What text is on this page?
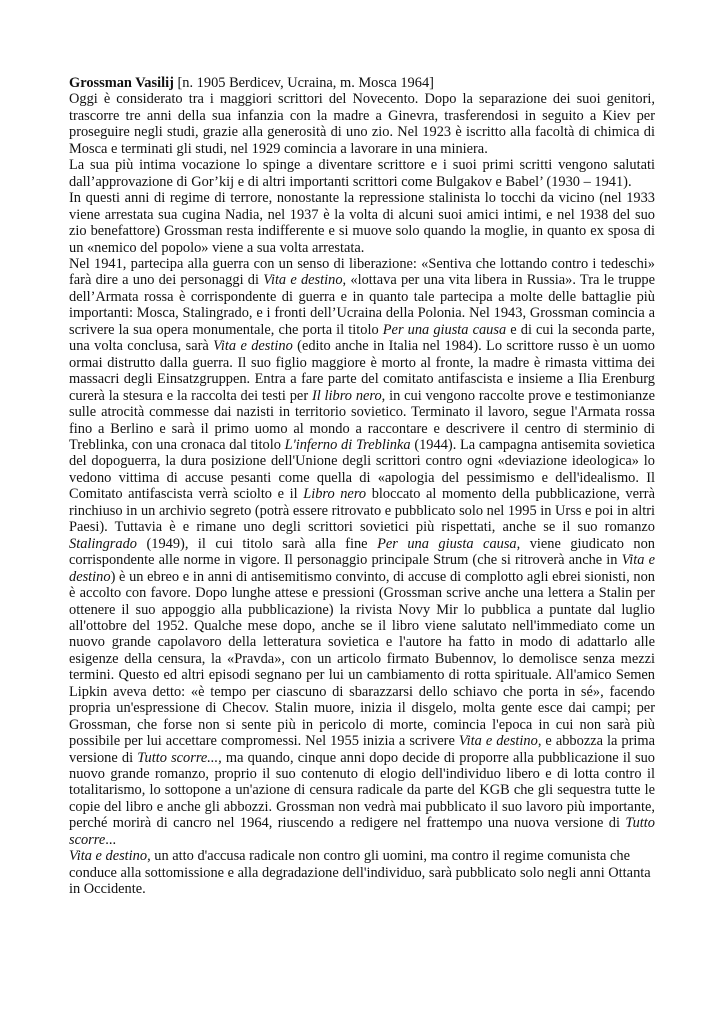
Grossman Vasilij [n. 1905 Berdicev, Ucraina, m. Mosca 1964]

Oggi è considerato tra i maggiori scrittori del Novecento. Dopo la separazione dei suoi genitori, trascorre tre anni della sua infanzia con la madre a Ginevra, trasferendosi in seguito a Kiev per proseguire negli studi, grazie alla generosità di uno zio. Nel 1923 è iscritto alla facoltà di chimica di Mosca e terminati gli studi, nel 1929 comincia a lavorare in una miniera.

La sua più intima vocazione lo spinge a diventare scrittore e i suoi primi scritti vengono salutati dall’approvazione di Gor’kij e di altri importanti scrittori come Bulgakov e Babel’ (1930 – 1941).

In questi anni di regime di terrore, nonostante la repressione stalinista lo tocchi da vicino (nel 1933 viene arrestata sua cugina Nadia, nel 1937 è la volta di alcuni suoi amici intimi, e nel 1938 del suo zio benefattore) Grossman resta indifferente e si muove solo quando la moglie, in quanto ex sposa di un «nemico del popolo» viene a sua volta arrestata.

Nel 1941, partecipa alla guerra con un senso di liberazione: «Sentiva che lottando contro i tedeschi» farà dire a uno dei personaggi di Vita e destino, «lottava per una vita libera in Russia». Tra le truppe dell’Armata rossa è corrispondente di guerra e in quanto tale partecipa a molte delle battaglie più importanti: Mosca, Stalingrado, e i fronti dell’Ucraina della Polonia. Nel 1943, Grossman comincia a scrivere la sua opera monumentale, che porta il titolo Per una giusta causa e di cui la seconda parte, una volta conclusa, sarà Vita e destino (edito anche in Italia nel 1984). Lo scrittore russo è un uomo ormai distrutto dalla guerra. Il suo figlio maggiore è morto al fronte, la madre è rimasta vittima dei massacri degli Einsatzgruppen. Entra a fare parte del comitato antifascista e insieme a Ilia Erenburg curerà la stesura e la raccolta dei testi per Il libro nero, in cui vengono raccolte prove e testimonianze sulle atrocità commesse dai nazisti in territorio sovietico. Terminato il lavoro, segue l'Armata rossa fino a Berlino e sarà il primo uomo al mondo a raccontare e descrivere il centro di sterminio di Treblinka, con una cronaca dal titolo L'inferno di Treblinka (1944). La campagna antisemita sovietica del dopoguerra, la dura posizione dell'Unione degli scrittori contro ogni «deviazione ideologica» lo vedono vittima di accuse pesanti come quella di «apologia del pessimismo e dell'idealismo. Il Comitato antifascista verrà sciolto e il Libro nero bloccato al momento della pubblicazione, verrà rinchiuso in un archivio segreto (potrà essere ritrovato e pubblicato solo nel 1995 in Urss e poi in altri Paesi). Tuttavia è e rimane uno degli scrittori sovietici più rispettati, anche se il suo romanzo Stalingrado (1949), il cui titolo sarà alla fine Per una giusta causa, viene giudicato non corrispondente alle norme in vigore. Il personaggio principale Strum (che si ritroverà anche in Vita e destino) è un ebreo e in anni di antisemitismo convinto, di accuse di complotto agli ebrei sionisti, non è accolto con favore. Dopo lunghe attese e pressioni (Grossman scrive anche una lettera a Stalin per ottenere il suo appoggio alla pubblicazione) la rivista Novy Mir lo pubblica a puntate dal luglio all'ottobre del 1952. Qualche mese dopo, anche se il libro viene salutato nell'immediato come un nuovo grande capolavoro della letteratura sovietica e l'autore ha fatto in modo di adattarlo alle esigenze della censura, la «Pravda», con un articolo firmato Bubennov, lo demolisce senza mezzi termini. Questo ed altri episodi segnano per lui un cambiamento di rotta spirituale. All'amico Semen Lipkin aveva detto: «è tempo per ciascuno di sbarazzarsi dello schiavo che porta in sé», facendo propria un'espressione di Checov. Stalin muore, inizia il disgelo, molta gente esce dai campi; per Grossman, che forse non si sente più in pericolo di morte, comincia l'epoca in cui non sarà più possibile per lui accettare compromessi. Nel 1955 inizia a scrivere Vita e destino, e abbozza la prima versione di Tutto scorre..., ma quando, cinque anni dopo decide di proporre alla pubblicazione il suo nuovo grande romanzo, proprio il suo contenuto di elogio dell'individuo libero e di lotta contro il totalitarismo, lo sottopone a un'azione di censura radicale da parte del KGB che gli sequestra tutte le copie del libro e anche gli abbozzi. Grossman non vedrà mai pubblicato il suo lavoro più importante, perché morirà di cancro nel 1964, riuscendo a redigere nel frattempo una nuova versione di Tutto scorre...

Vita e destino, un atto d'accusa radicale non contro gli uomini, ma contro il regime comunista che conduce alla sottomissione e alla degradazione dell'individuo, sarà pubblicato solo negli anni Ottanta in Occidente.
